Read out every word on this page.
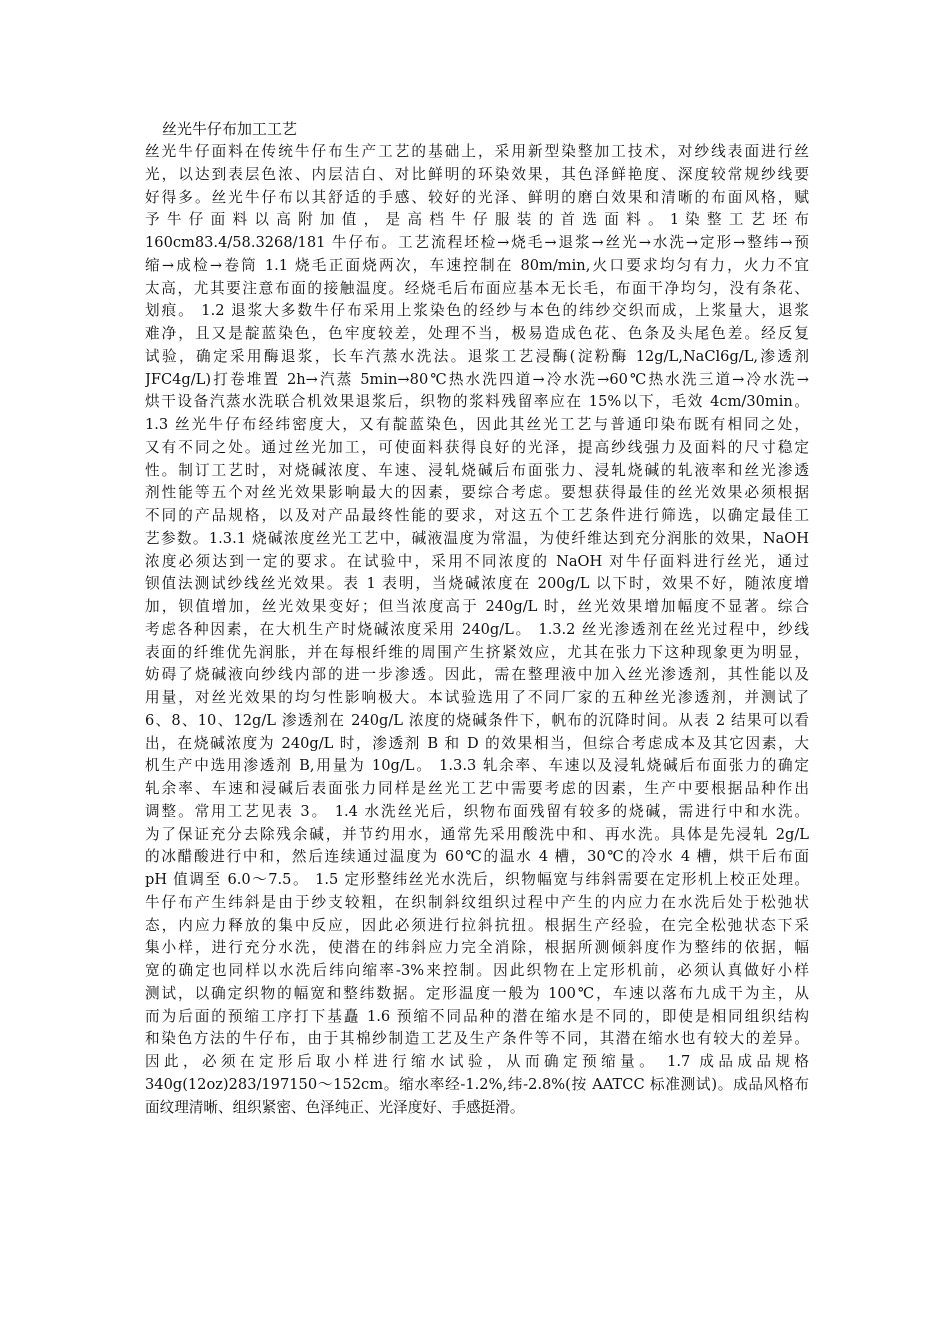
丝光牛仔布加工工艺
丝光牛仔面料在传统牛仔布生产工艺的基础上，采用新型染整加工技术，对纱线表面进行丝
光，以达到表层色浓、内层洁白、对比鲜明的环染效果，其色泽鲜艳度、深度较常规纱线要
好得多。丝光牛仔布以其舒适的手感、较好的光泽、鲜明的磨白效果和清晰的布面风格，赋
予 牛 仔 面 料 以 高 附 加 值 ， 是 高 档 牛 仔 服 装 的 首 选 面 料 。 1 染 整 工 艺 坯 布
160cm83.4/58.3268/181 牛仔布。工艺流程坯检→烧毛→退浆→丝光→水洗→定形→整纬→预
缩→成检→卷筒 1.1 烧毛正面烧两次，车速控制在 80m/min,火口要求均匀有力，火力不宜
太高，尤其要注意布面的接触温度。经烧毛后布面应基本无长毛，布面干净均匀，没有条花、
划痕。 1.2 退浆大多数牛仔布采用上浆染色的经纱与本色的纬纱交织而成，上浆量大，退浆
难净，且又是靛蓝染色，色牢度较差，处理不当，极易造成色花、色条及头尾色差。经反复
试验，确定采用酶退浆，长车汽蒸水洗法。退浆工艺浸酶(淀粉酶 12g/L,NaCl6g/L,渗透剂
JFC4g/L)打卷堆置 2h→汽蒸 5min→80℃热水洗四道→冷水洗→60℃热水洗三道→冷水洗→
烘干设备汽蒸水洗联合机效果退浆后，织物的浆料残留率应在 15%以下，毛效 4cm/30min。
1.3 丝光牛仔布经纬密度大，又有靛蓝染色，因此其丝光工艺与普通印染布既有相同之处，
又有不同之处。通过丝光加工，可使面料获得良好的光泽，提高纱线强力及面料的尺寸稳定
性。制订工艺时，对烧碱浓度、车速、浸轧烧碱后布面张力、浸轧烧碱的轧液率和丝光渗透
剂性能等五个对丝光效果影响最大的因素，要综合考虑。要想获得最佳的丝光效果必须根据
不同的产品规格，以及对产品最终性能的要求，对这五个工艺条件进行筛选，以确定最佳工
艺参数。1.3.1 烧碱浓度丝光工艺中，碱液温度为常温，为使纤维达到充分润胀的效果，NaOH
浓度必须达到一定的要求。在试验中，采用不同浓度的 NaOH 对牛仔面料进行丝光，通过
钡值法测试纱线丝光效果。表 1 表明，当烧碱浓度在 200g/L 以下时，效果不好，随浓度增
加，钡值增加，丝光效果变好；但当浓度高于 240g/L 时，丝光效果增加幅度不显著。综合
考虑各种因素，在大机生产时烧碱浓度采用 240g/L。 1.3.2 丝光渗透剂在丝光过程中，纱线
表面的纤维优先润胀，并在每根纤维的周围产生挤紧效应，尤其在张力下这种现象更为明显，
妨碍了烧碱液向纱线内部的进一步渗透。因此，需在整理液中加入丝光渗透剂，其性能以及
用量，对丝光效果的均匀性影响极大。本试验选用了不同厂家的五种丝光渗透剂，并测试了
6、8、10、12g/L 渗透剂在 240g/L 浓度的烧碱条件下，帆布的沉降时间。从表 2 结果可以看
出，在烧碱浓度为 240g/L 时，渗透剂 B 和 D 的效果相当，但综合考虑成本及其它因素，大
机生产中选用渗透剂 B,用量为 10g/L。 1.3.3 轧余率、车速以及浸轧烧碱后布面张力的确定
轧余率、车速和浸碱后表面张力同样是丝光工艺中需要考虑的因素，生产中要根据品种作出
调整。常用工艺见表 3。 1.4 水洗丝光后，织物布面残留有较多的烧碱，需进行中和水洗。
为了保证充分去除残余碱，并节约用水，通常先采用酸洗中和、再水洗。具体是先浸轧 2g/L
的冰醋酸进行中和，然后连续通过温度为 60℃的温水 4 槽，30℃的冷水 4 槽，烘干后布面
pH 值调至 6.0～7.5。 1.5 定形整纬丝光水洗后，织物幅宽与纬斜需要在定形机上校正处理。
牛仔布产生纬斜是由于纱支较粗，在织制斜纹组织过程中产生的内应力在水洗后处于松弛状
态，内应力释放的集中反应，因此必须进行拉斜抗扭。根据生产经验，在完全松弛状态下采
集小样，进行充分水洗，使潜在的纬斜应力完全消除，根据所测倾斜度作为整纬的依据，幅
宽的确定也同样以水洗后纬向缩率-3%来控制。因此织物在上定形机前，必须认真做好小样
测试，以确定织物的幅宽和整纬数据。定形温度一般为 100℃，车速以落布九成干为主，从
而为后面的预缩工序打下基矗 1.6 预缩不同品种的潜在缩水是不同的，即使是相同组织结构
和染色方法的牛仔布，由于其棉纱制造工艺及生产条件等不同，其潜在缩水也有较大的差异。
因此，必须在定形后取小样进行缩水试验，从而确定预缩量。 1.7 成品成品规格
340g(12oz)283/197150～152cm。缩水率经-1.2%,纬-2.8%(按 AATCC 标准测试)。成品风格布
面纹理清晰、组织紧密、色泽纯正、光泽度好、手感挺滑。
